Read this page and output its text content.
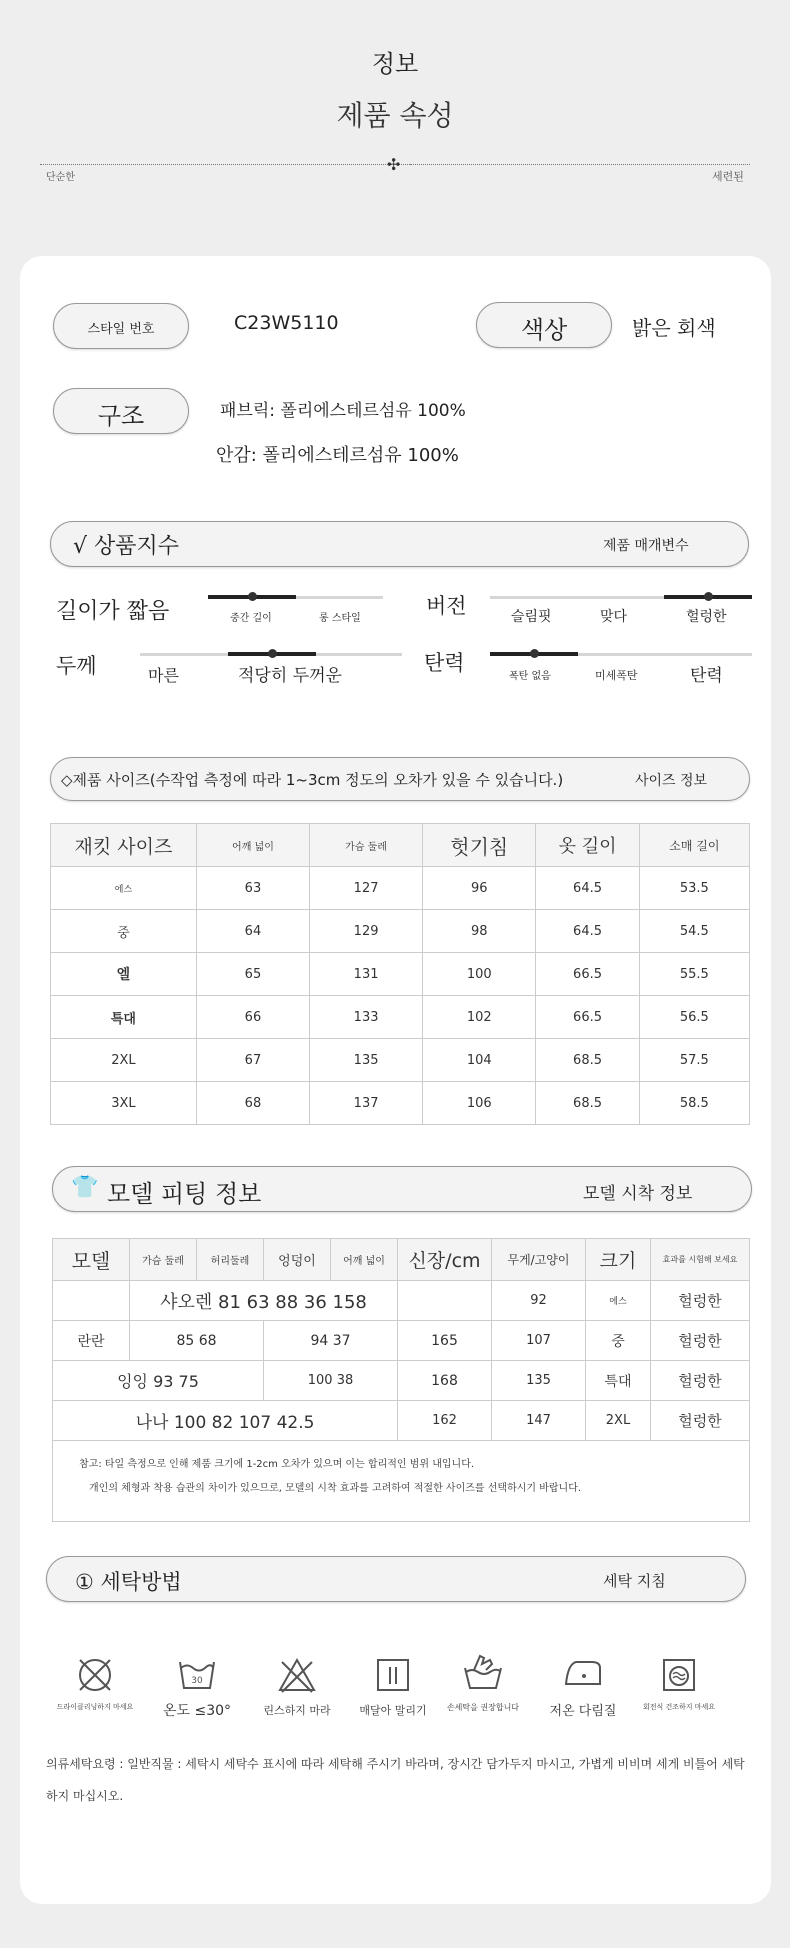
정보
제품 속성
✣
단순한	세련된
스타일 번호	C23W5110	색상	밝은 회색
구조	패브릭: 폴리에스테르섬유 100%
안감: 폴리에스테르섬유 100%
√ 상품지수	제품 매개변수
길이가 짧음	중간 길이	롱 스타일
버전	슬림핏	맞다	헐렁한
두께	마른	적당히 두꺼운
탄력
폭탄 없음	미세폭탄	탄력
◇제품 사이즈(수작업 측정에 따라 1~3cm 정도의 오차가 있을 수 있습니다.)	사이즈 정보
재킷 사이즈	어깨 넓이	가슴 둘레	헛기침	옷 길이	소매 길이
에스	63	127	96	64.5	53.5
중	64	129	98	64.5	54.5
엘	65	131	100	66.5	55.5
특대	66	133	102	66.5	56.5
2XL	67	135	104	68.5	57.5
3XL	68	137	106	68.5	58.5
👕 모델 피팅 정보	모델 시착 정보
모델	가슴 둘레	허리둘레	엉덩이	어깨 넓이	신장/cm	무게/고양이	크기	효과를 시험해 보세요
	샤오렌 81 63 88 36 158					92	에스	헐렁한
란란	85 68		94 37		165	107	중	헐렁한
잉잉 93 75			100 38		168	135	특대	헐렁한
나나 100 82 107 42.5					162	147	2XL	헐렁한

참고: 타일 측정으로 인해 제품 크기에 1-2cm 오차가 있으며 이는 합리적인 범위 내입니다.
개인의 체형과 착용 습관의 차이가 있으므로, 모델의 시착 효과를 고려하여 적절한 사이즈를 선택하시기 바랍니다.								
① 세탁방법	세탁 지침
드라이클리닝하지 마세요
30
온도 ≤30°	린스하지 마라	매달아 말리기	손세탁을 권장합니다	저온 다림질	회전식 건조하지 마세요
의류세탁요령 : 일반직물 : 세탁시 세탁수 표시에 따라 세탁해 주시기 바라며, 장시간 담가두지 마시고, 가볍게 비비며 세게 비틀어 세탁하지 마십시오.
